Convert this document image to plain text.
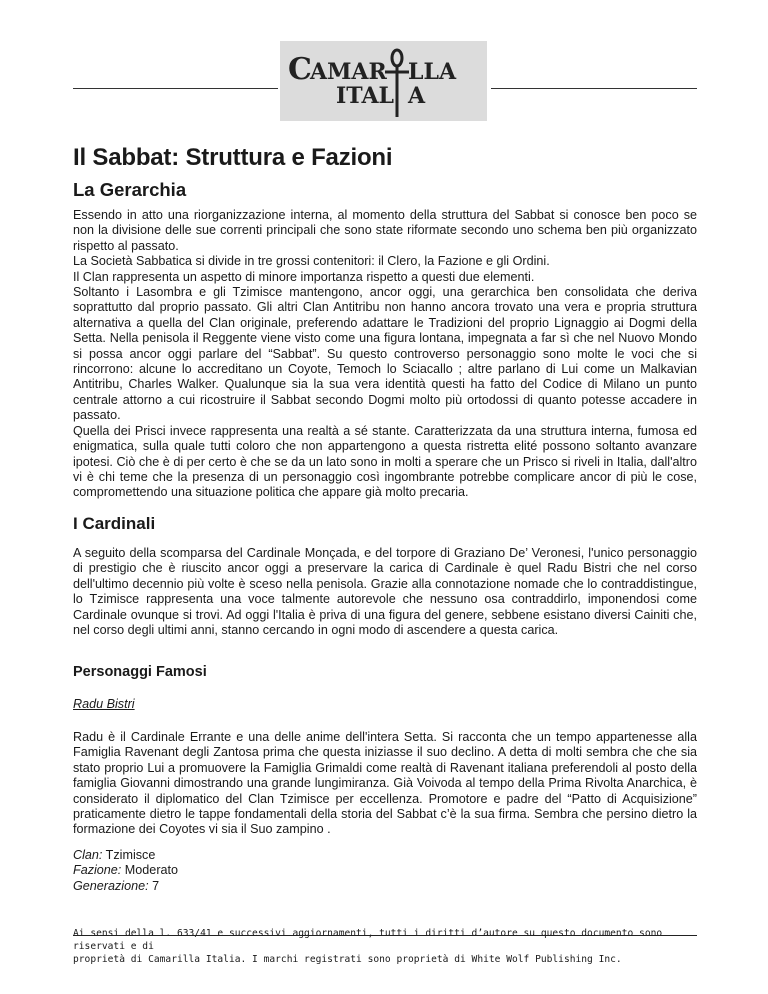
C
AMAR LLA
ITAL A
Il Sabbat: Struttura e Fazioni
La Gerarchia

Essendo in atto una riorganizzazione interna, al momento della struttura del Sabbat si conosce ben poco se non la divisione delle sue correnti principali che sono state riformate secondo uno schema ben più organizzato rispetto al passato.

La Società Sabbatica si divide in tre grossi contenitori: il Clero, la Fazione e gli Ordini.

Il Clan rappresenta un aspetto di minore importanza rispetto a questi due elementi.

Soltanto i Lasombra e gli Tzimisce mantengono, ancor oggi, una gerarchica ben consolidata che deriva soprattutto dal proprio passato. Gli altri Clan Antitribu non hanno ancora trovato una vera e propria struttura alternativa a quella del Clan originale, preferendo adattare le Tradizioni del proprio Lignaggio ai Dogmi della Setta. Nella penisola il Reggente viene visto come una figura lontana, impegnata a far sì che nel Nuovo Mondo si possa ancor oggi parlare del “Sabbat”. Su questo controverso personaggio sono molte le voci che si rincorrono: alcune lo accreditano un Coyote, Temoch lo Sciacallo ; altre parlano di Lui come un Malkavian Antitribu, Charles Walker. Qualunque sia la sua vera identità questi ha fatto del Codice di Milano un punto centrale attorno a cui ricostruire il Sabbat secondo Dogmi molto più ortodossi di quanto potesse accadere in passato.

Quella dei Prisci invece rappresenta una realtà a sé stante. Caratterizzata da una struttura interna, fumosa ed enigmatica, sulla quale tutti coloro che non appartengono a questa ristretta elité possono soltanto avanzare ipotesi. Ciò che è di per certo è che se da un lato sono in molti a sperare che un Prisco si riveli in Italia, dall'altro vi è chi teme che la presenza di un personaggio così ingombrante potrebbe complicare ancor di più le cose, compromettendo una situazione politica che appare già molto precaria.

I Cardinali

A seguito della scomparsa del Cardinale Monçada, e del torpore di Graziano De’ Veronesi, l'unico personaggio di prestigio che è riuscito ancor oggi a preservare la carica di Cardinale è quel Radu Bistri che nel corso dell'ultimo decennio più volte è sceso nella penisola. Grazie alla connotazione nomade che lo contraddistingue, lo Tzimisce rappresenta una voce talmente autorevole che nessuno osa contraddirlo, imponendosi come Cardinale ovunque si trovi. Ad oggi l'Italia è priva di una figura del genere, sebbene esistano diversi Cainiti che, nel corso degli ultimi anni, stanno cercando in ogni modo di ascendere a questa carica.

Personaggi Famosi

Radu Bistri

Radu è il Cardinale Errante e una delle anime dell'intera Setta. Si racconta che un tempo appartenesse alla Famiglia Ravenant degli Zantosa prima che questa iniziasse il suo declino. A detta di molti sembra che che sia stato proprio Lui a promuovere la Famiglia Grimaldi come realtà di Ravenant italiana preferendoli al posto della famiglia Giovanni dimostrando una grande lungimiranza. Già Voivoda al tempo della Prima Rivolta Anarchica, è considerato il diplomatico del Clan Tzimisce per eccellenza. Promotore e padre del “Patto di Acquisizione” praticamente dietro le tappe fondamentali della storia del Sabbat c’è la sua firma. Sembra che persino dietro la formazione dei Coyotes vi sia il Suo zampino .

Clan: Tzimisce
Fazione: Moderato
Generazione: 7
Ai sensi della l. 633/41 e successivi aggiornamenti, tutti i diritti d’autore su questo documento sono riservati e di
proprietà di Camarilla Italia. I marchi registrati sono proprietà di White Wolf Publishing Inc.
